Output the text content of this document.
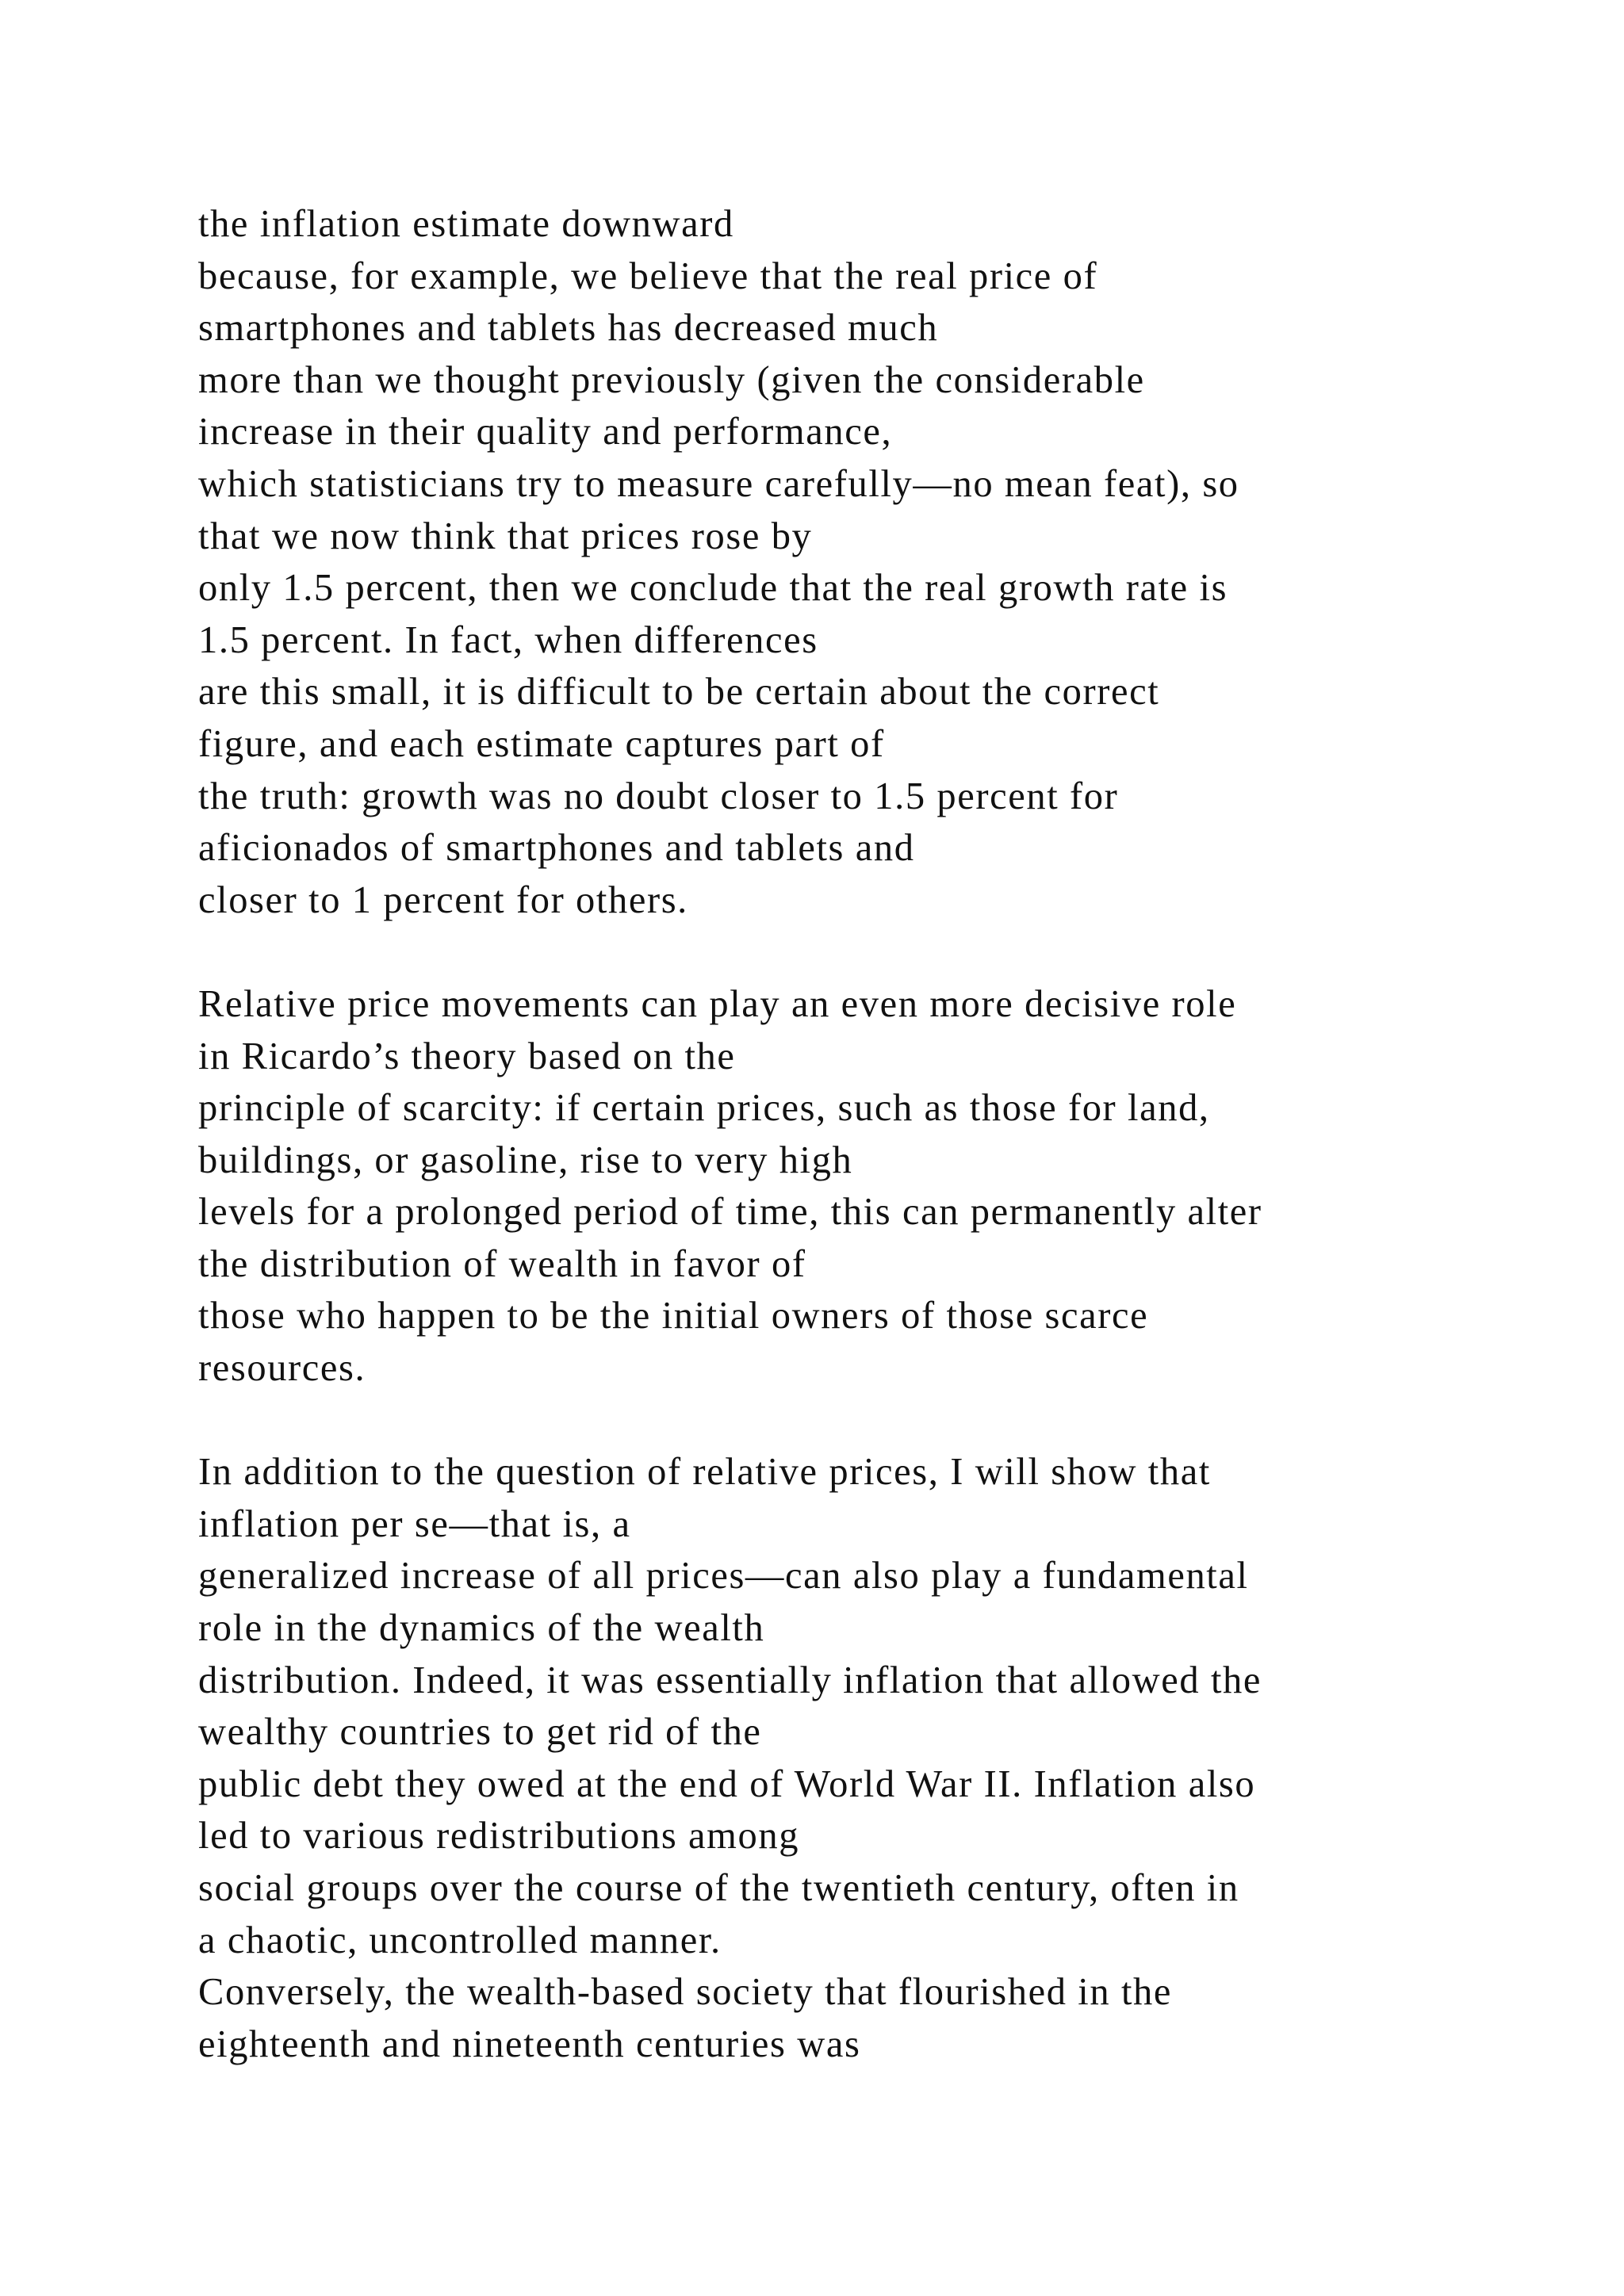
the inflation estimate downward
because, for example, we believe that the real price of
smartphones and tablets has decreased much
more than we thought previously (given the considerable
increase in their quality and performance,
which statisticians try to measure carefully—no mean feat), so
that we now think that prices rose by
only 1.5 percent, then we conclude that the real growth rate is
1.5 percent. In fact, when differences
are this small, it is difficult to be certain about the correct
figure, and each estimate captures part of
the truth: growth was no doubt closer to 1.5 percent for
aficionados of smartphones and tablets and
closer to 1 percent for others.

Relative price movements can play an even more decisive role
in Ricardo’s theory based on the
principle of scarcity: if certain prices, such as those for land,
buildings, or gasoline, rise to very high
levels for a prolonged period of time, this can permanently alter
the distribution of wealth in favor of
those who happen to be the initial owners of those scarce
resources.

In addition to the question of relative prices, I will show that
inflation per se—that is, a
generalized increase of all prices—can also play a fundamental
role in the dynamics of the wealth
distribution. Indeed, it was essentially inflation that allowed the
wealthy countries to get rid of the
public debt they owed at the end of World War II. Inflation also
led to various redistributions among
social groups over the course of the twentieth century, often in
a chaotic, uncontrolled manner.
Conversely, the wealth-based society that flourished in the
eighteenth and nineteenth centuries was
